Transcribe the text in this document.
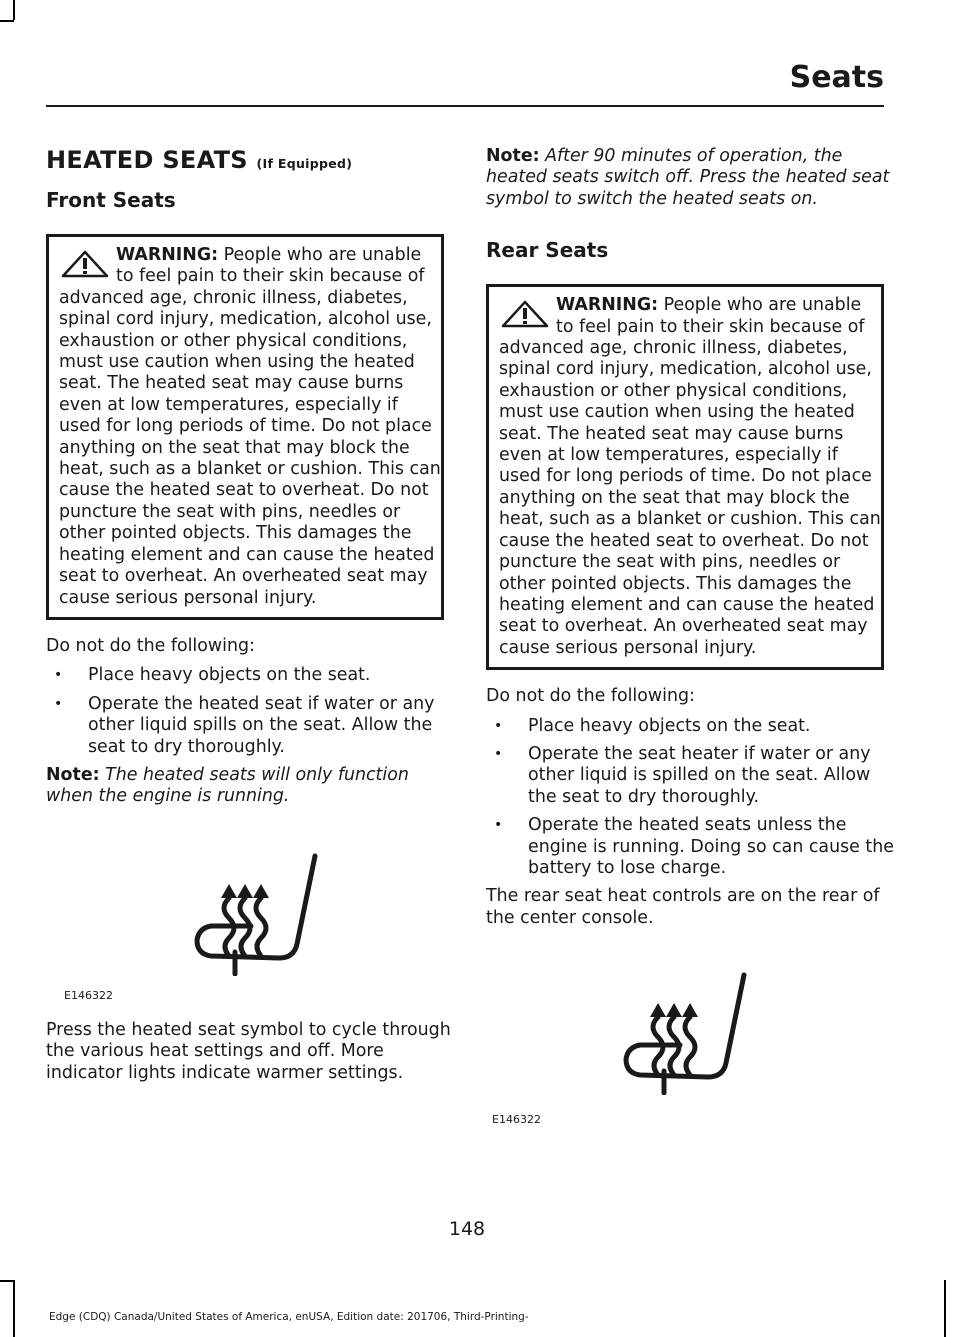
Seats
HEATED SEATS (If Equipped)
Front Seats
WARNING: People who are unable to feel pain to their skin because of advanced age, chronic illness, diabetes, spinal cord injury, medication, alcohol use, exhaustion or other physical conditions, must use caution when using the heated seat. The heated seat may cause burns even at low temperatures, especially if used for long periods of time. Do not place anything on the seat that may block the heat, such as a blanket or cushion. This can cause the heated seat to overheat. Do not puncture the seat with pins, needles or other pointed objects. This damages the heating element and can cause the heated seat to overheat. An overheated seat may cause serious personal injury.

Do not do the following:

• Place heavy objects on the seat.
• Operate the heated seat if water or any other liquid spills on the seat. Allow the seat to dry thoroughly.

Note: The heated seats will only function when the engine is running.

E146322

Press the heated seat symbol to cycle through the various heat settings and off. More indicator lights indicate warmer settings.

Note: After 90 minutes of operation, the heated seats switch off. Press the heated seat symbol to switch the heated seats on.

Rear Seats
WARNING: People who are unable to feel pain to their skin because of advanced age, chronic illness, diabetes, spinal cord injury, medication, alcohol use, exhaustion or other physical conditions, must use caution when using the heated seat. The heated seat may cause burns even at low temperatures, especially if used for long periods of time. Do not place anything on the seat that may block the heat, such as a blanket or cushion. This can cause the heated seat to overheat. Do not puncture the seat with pins, needles or other pointed objects. This damages the heating element and can cause the heated seat to overheat. An overheated seat may cause serious personal injury.

Do not do the following:

• Place heavy objects on the seat.
• Operate the seat heater if water or any other liquid is spilled on the seat. Allow the seat to dry thoroughly.
• Operate the heated seats unless the engine is running. Doing so can cause the battery to lose charge.

The rear seat heat controls are on the rear of the center console.

E146322
148
Edge (CDQ) Canada/United States of America, enUSA, Edition date: 201706, Third-Printing-
